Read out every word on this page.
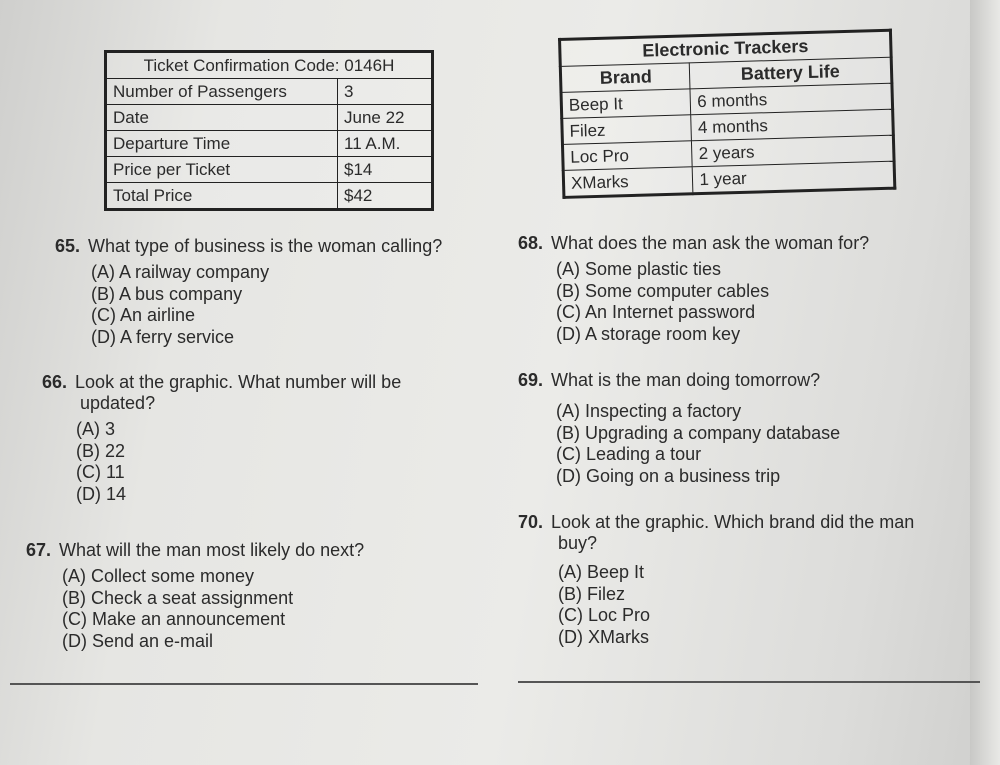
Ticket Confirmation Code: 0146H	
Number of Passengers	3
Date	June 22
Departure Time	11 A.M.
Price per Ticket	$14
Total Price	$42
Electronic Trackers	
Brand	Battery Life
Beep It	6 months
Filez	4 months
Loc Pro	2 years
XMarks	1 year
65. What type of business is the woman calling?
(A) A railway company
(B) A bus company
(C) An airline
(D) A ferry service
66. Look at the graphic. What number will be updated?
(A) 3
(B) 22
(C) 11
(D) 14
67. What will the man most likely do next?
(A) Collect some money
(B) Check a seat assignment
(C) Make an announcement
(D) Send an e-mail
68. What does the man ask the woman for?
(A) Some plastic ties
(B) Some computer cables
(C) An Internet password
(D) A storage room key
69. What is the man doing tomorrow?
(A) Inspecting a factory
(B) Upgrading a company database
(C) Leading a tour
(D) Going on a business trip
70. Look at the graphic. Which brand did the man buy?
(A) Beep It
(B) Filez
(C) Loc Pro
(D) XMarks
